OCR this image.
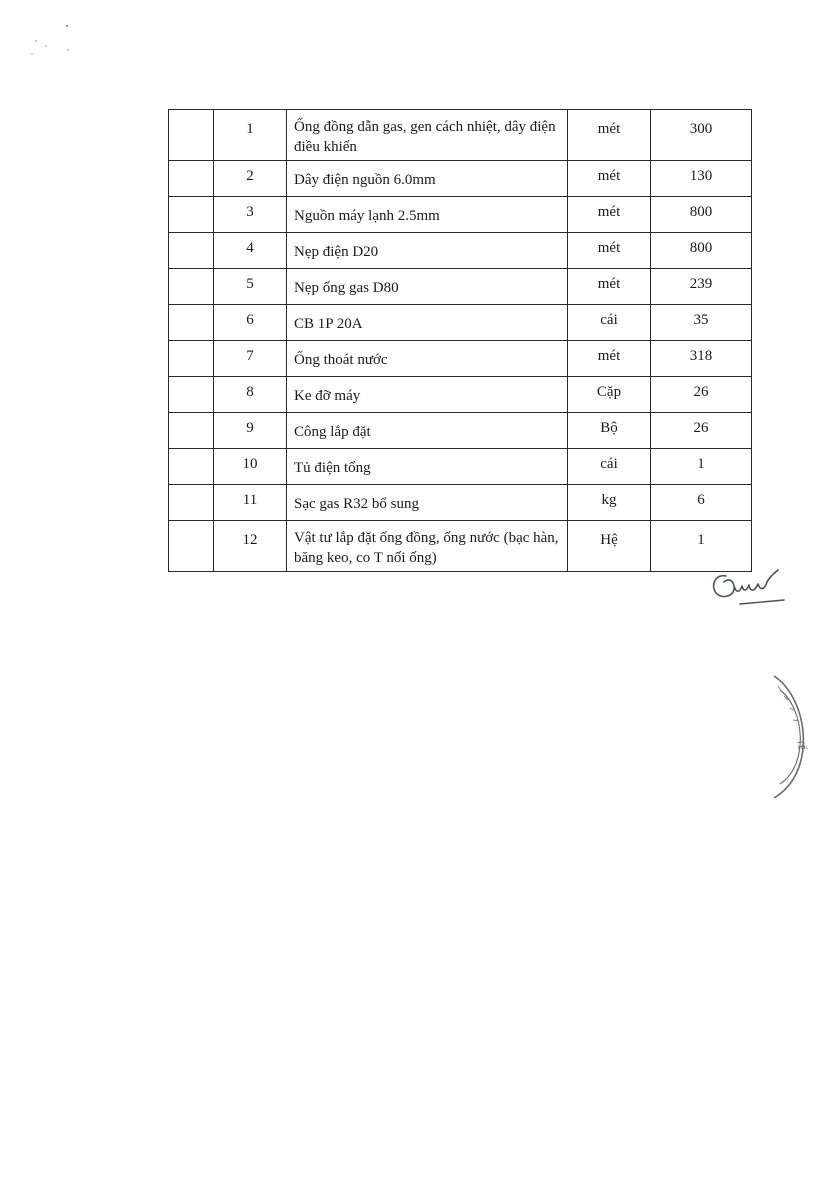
	1	Ống đồng dẫn gas, gen cách nhiệt, dây điện điều khiển	mét	300
	2	Dây điện nguồn 6.0mm	mét	130
	3	Nguồn máy lạnh 2.5mm	mét	800
	4	Nẹp điện D20	mét	800
	5	Nẹp ống gas D80	mét	239
	6	CB 1P 20A	cái	35
	7	Ống thoát nước	mét	318
	8	Ke đỡ máy	Cặp	26
	9	Công lắp đặt	Bộ	26
	10	Tủ điện tổng	cái	1
	11	Sạc gas R32 bổ sung	kg	6
	12	Vật tư lắp đặt ống đồng, ống nước (bạc hàn, băng keo, co T nối ống)	Hệ	1
TẾ
